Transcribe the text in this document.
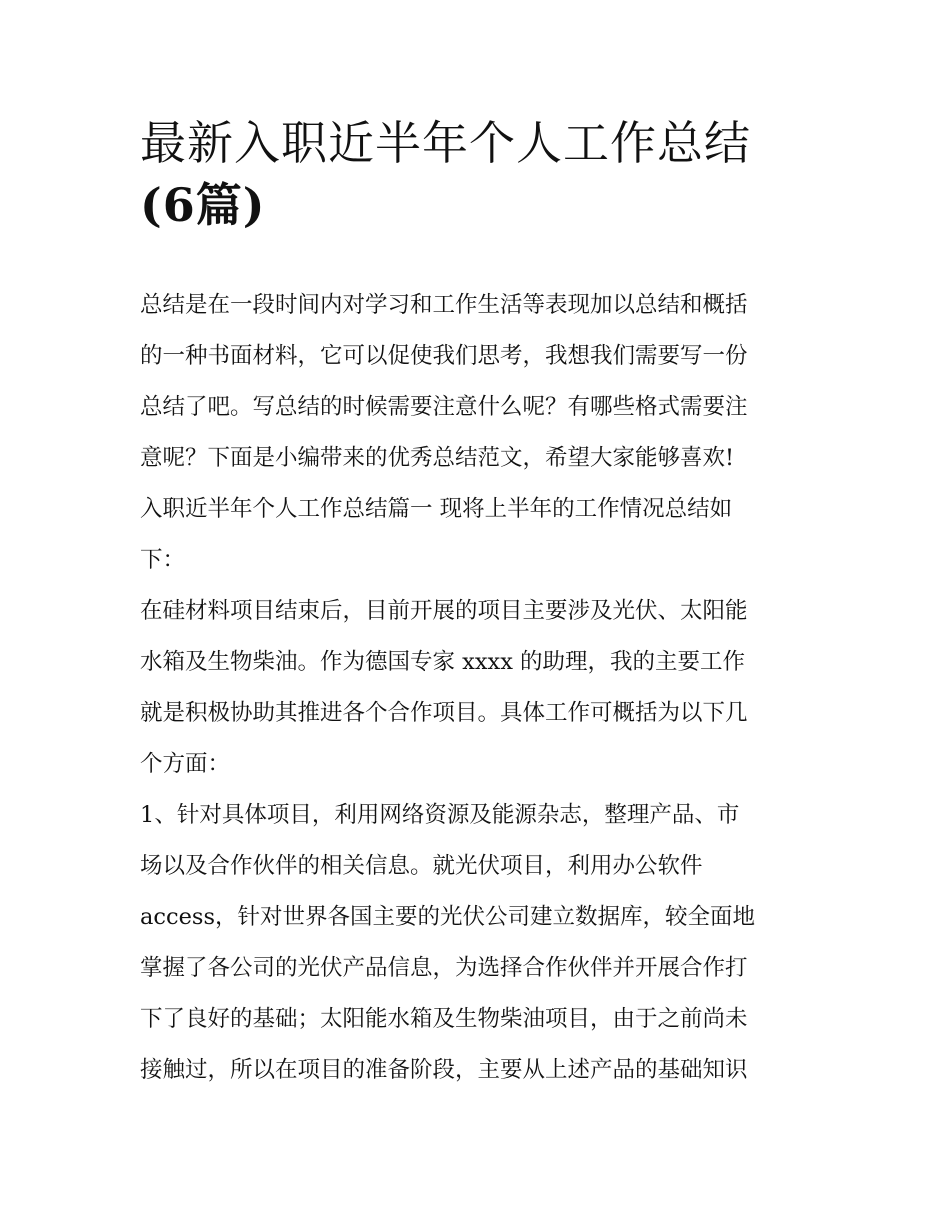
最新入职近半年个人工作总结
(6篇)
总结是在一段时间内对学习和工作生活等表现加以总结和概括
的一种书面材料，它可以促使我们思考，我想我们需要写一份
总结了吧。写总结的时候需要注意什么呢？有哪些格式需要注
意呢？下面是小编带来的优秀总结范文，希望大家能够喜欢!
入职近半年个人工作总结篇一 现将上半年的工作情况总结如
下：
在硅材料项目结束后，目前开展的项目主要涉及光伏、太阳能
水箱及生物柴油。作为德国专家 xxxx 的助理，我的主要工作
就是积极协助其推进各个合作项目。具体工作可概括为以下几
个方面：
1、针对具体项目，利用网络资源及能源杂志，整理产品、市
场以及合作伙伴的相关信息。就光伏项目，利用办公软件
access，针对世界各国主要的光伏公司建立数据库，较全面地
掌握了各公司的光伏产品信息，为选择合作伙伴并开展合作打
下了良好的基础；太阳能水箱及生物柴油项目，由于之前尚未
接触过，所以在项目的准备阶段，主要从上述产品的基础知识
